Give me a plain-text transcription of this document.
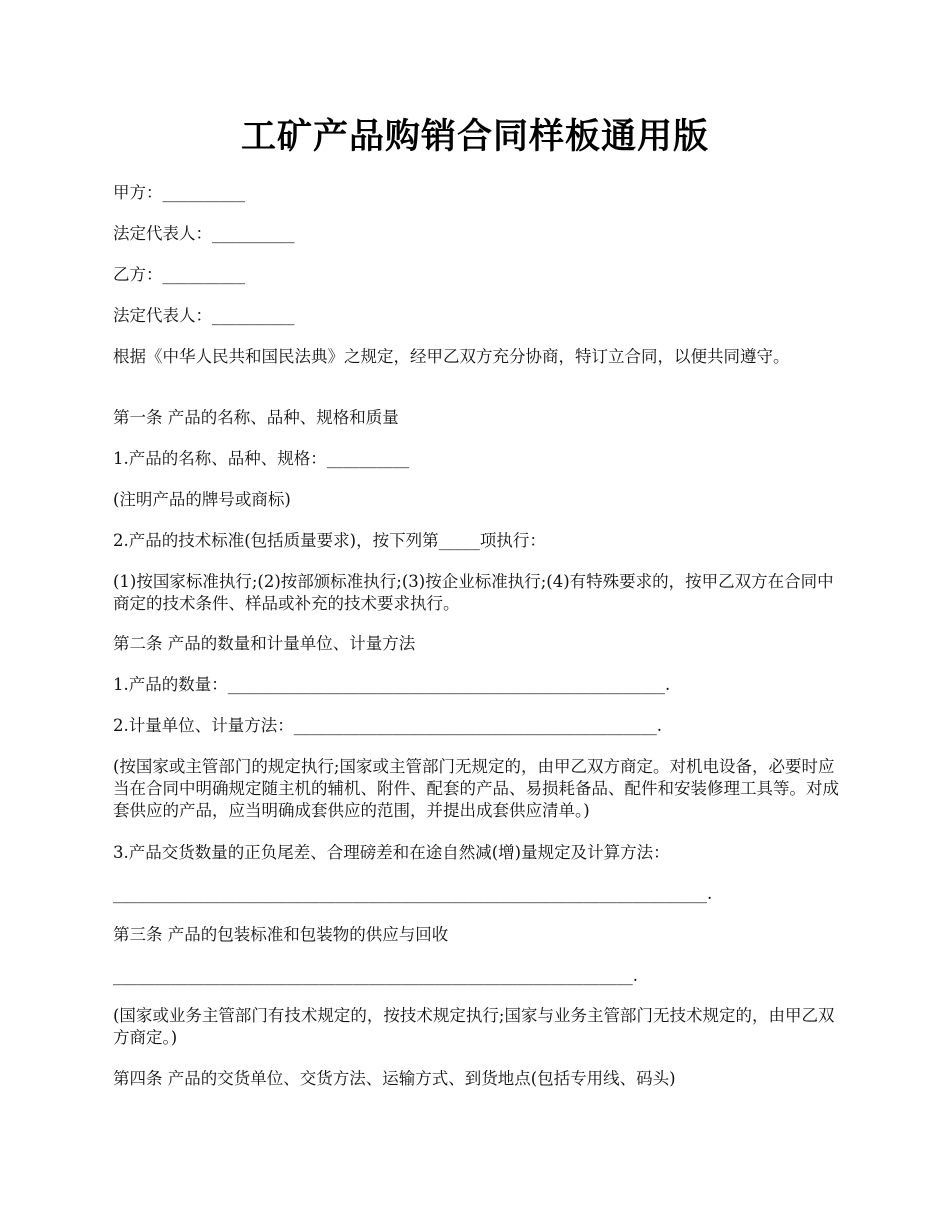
工矿产品购销合同样板通用版
甲方：__________
法定代表人：__________
乙方：__________
法定代表人：__________
根据《中华人民共和国民法典》之规定，经甲乙双方充分协商，特订立合同，以便共同遵守。
第一条 产品的名称、品种、规格和质量
1.产品的名称、品种、规格：__________
(注明产品的牌号或商标)
2.产品的技术标准(包括质量要求)，按下列第_____项执行：
(1)按国家标准执行;(2)按部颁标准执行;(3)按企业标准执行;(4)有特殊要求的，按甲乙双方在合同中商定的技术条件、样品或补充的技术要求执行。
第二条 产品的数量和计量单位、计量方法
1.产品的数量：_____________________________________________________.
2.计量单位、计量方法：____________________________________________.
(按国家或主管部门的规定执行;国家或主管部门无规定的，由甲乙双方商定。对机电设备，必要时应当在合同中明确规定随主机的辅机、附件、配套的产品、易损耗备品、配件和安装修理工具等。对成套供应的产品，应当明确成套供应的范围，并提出成套供应清单。)
3.产品交货数量的正负尾差、合理磅差和在途自然减(增)量规定及计算方法：
________________________________________________________________________.
第三条 产品的包装标准和包装物的供应与回收
_______________________________________________________________.
(国家或业务主管部门有技术规定的，按技术规定执行;国家与业务主管部门无技术规定的，由甲乙双方商定。)
第四条 产品的交货单位、交货方法、运输方式、到货地点(包括专用线、码头)
